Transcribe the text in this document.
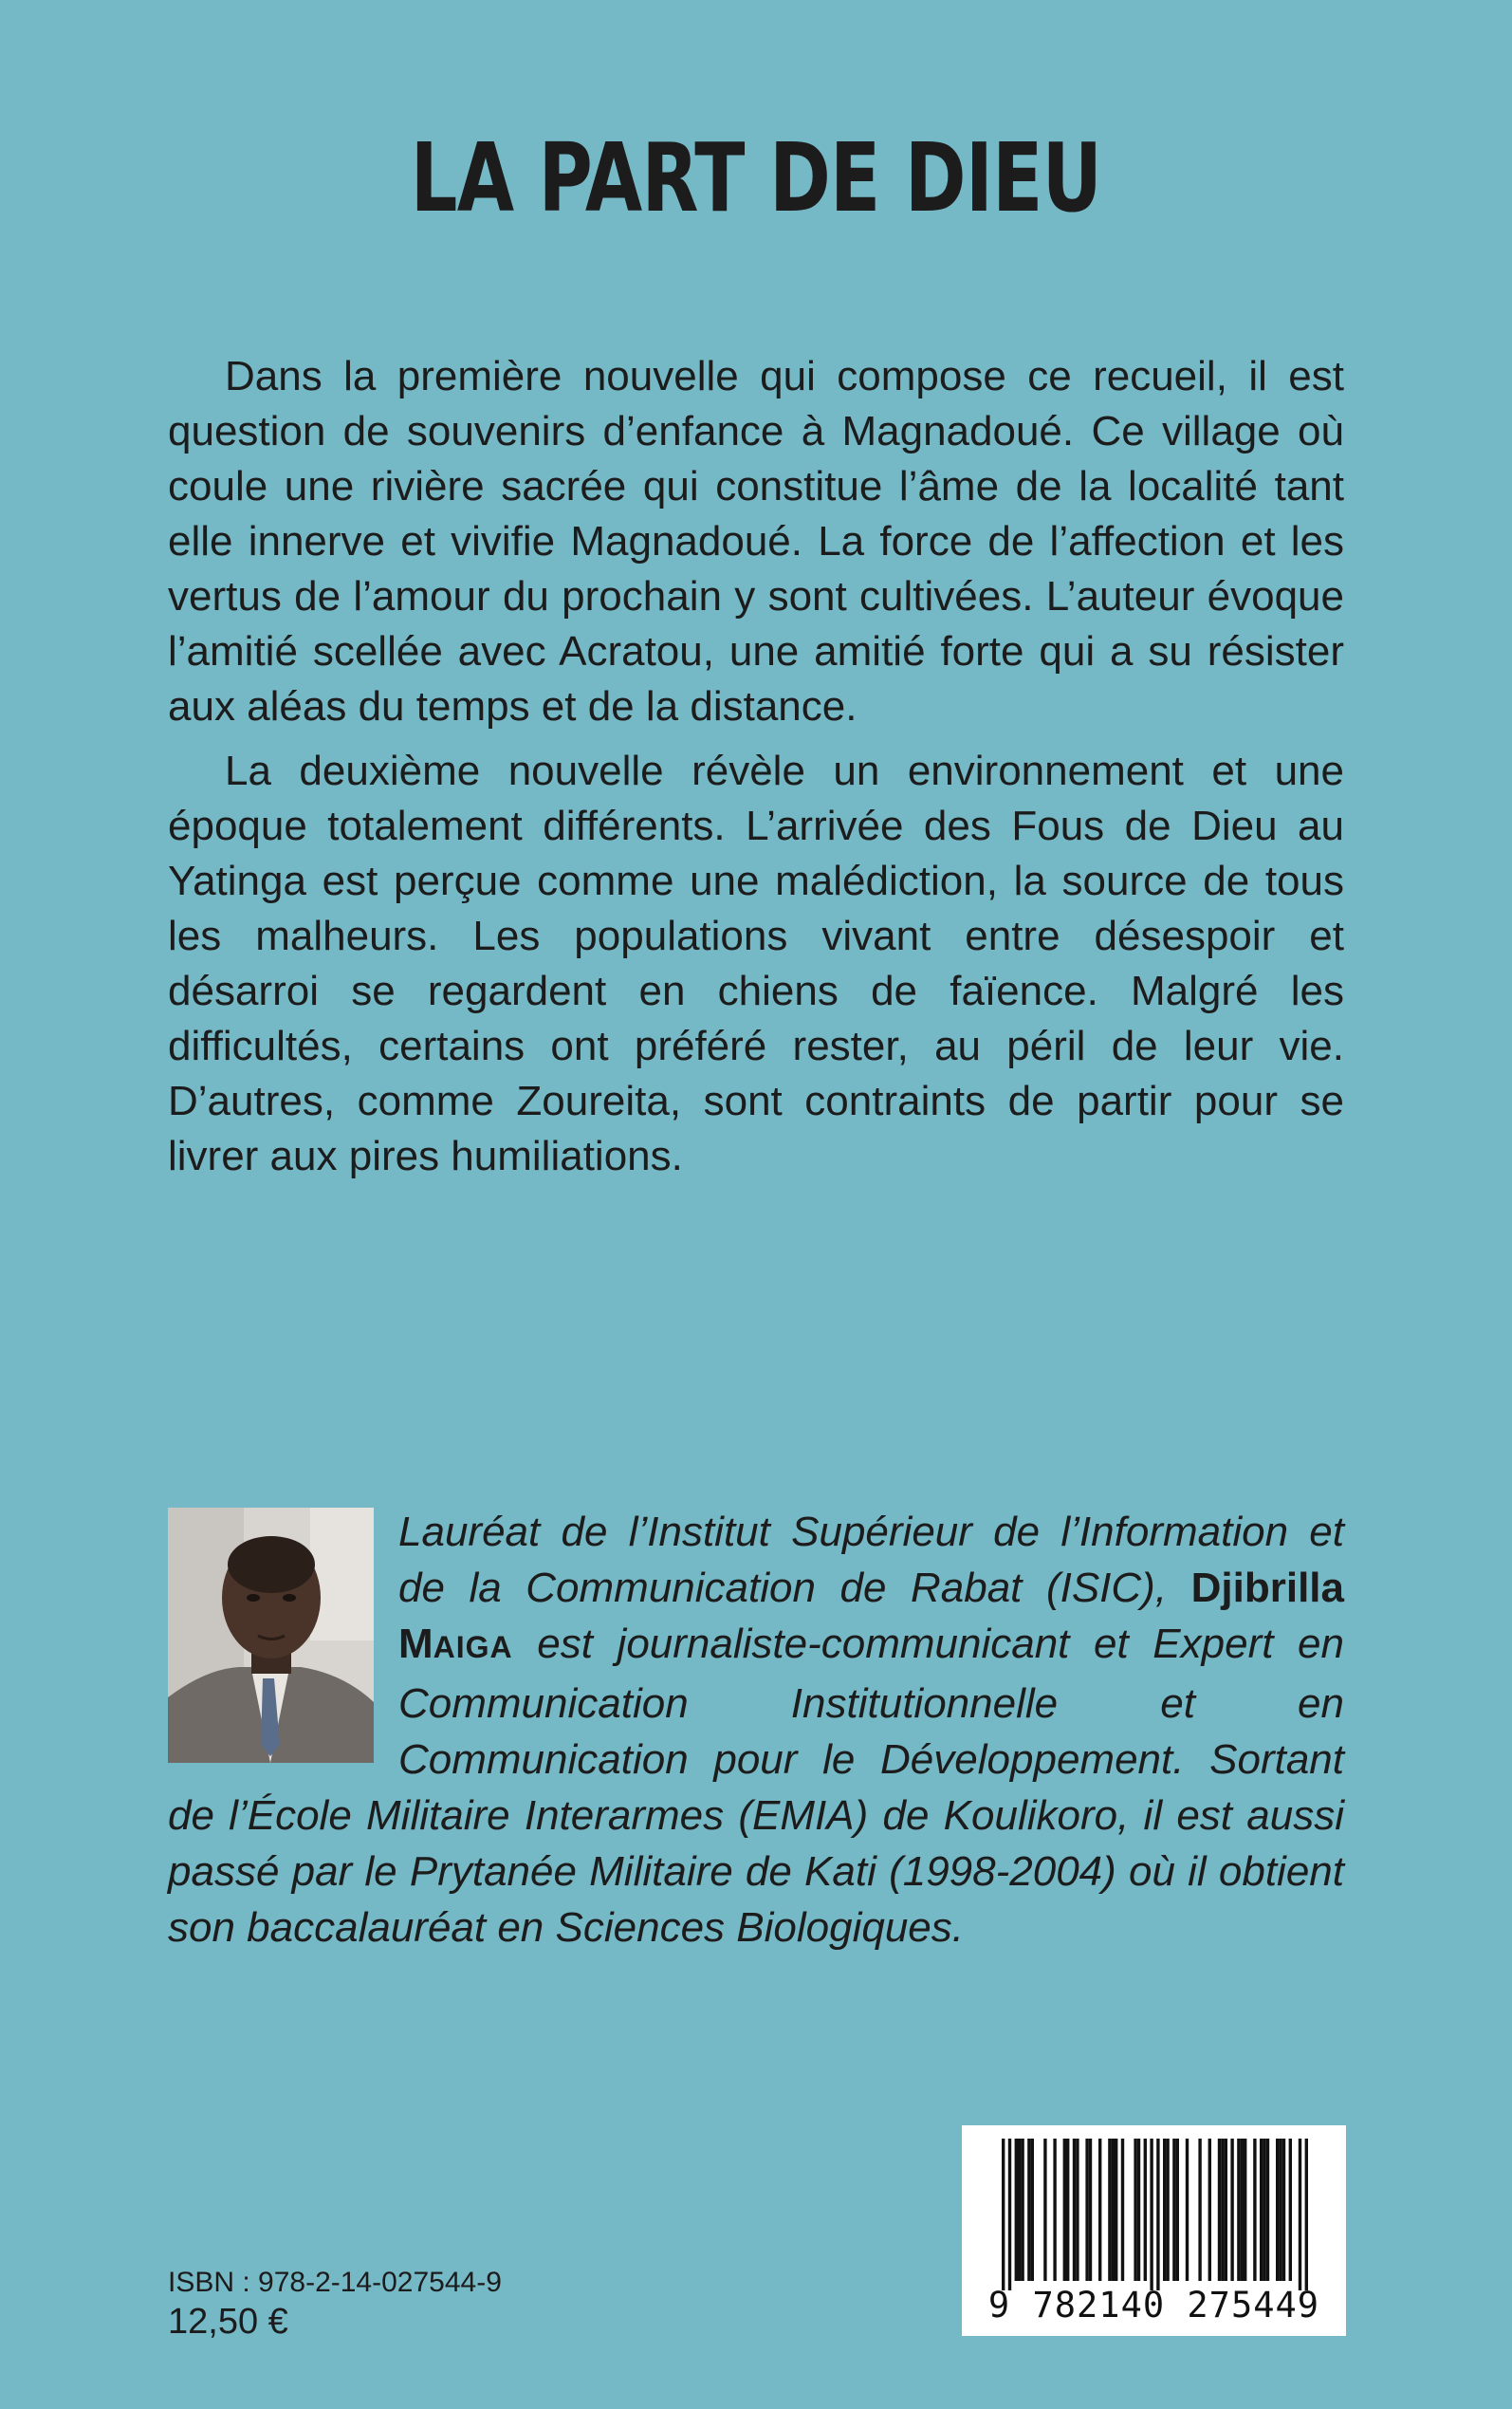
LA PART DE DIEU

Dans la première nouvelle qui compose ce recueil, il est question de souvenirs d’enfance à Magnadoué. Ce village où coule une rivière sacrée qui constitue l’âme de la localité tant elle innerve et vivifie Magnadoué. La force de l’affection et les vertus de l’amour du prochain y sont cultivées. L’auteur évoque l’amitié scellée avec Acratou, une amitié forte qui a su résister aux aléas du temps et de la distance.

La deuxième nouvelle révèle un environnement et une époque totalement différents. L’arrivée des Fous de Dieu au Yatinga est perçue comme une malédiction, la source de tous les malheurs. Les populations vivant entre désespoir et désarroi se regardent en chiens de faïence. Malgré les difficultés, certains ont préféré rester, au péril de leur vie. D’autres, comme Zoureita, sont contraints de partir pour se livrer aux pires humiliations.

Lauréat de l’Institut Supérieur de l’Information et de la Communication de Rabat (ISIC), Djibrilla MAIGA est journaliste-communicant et Expert en Communication Institutionnelle et en Communication pour le Développement. Sortant de l’École Militaire Interarmes (EMIA) de Koulikoro, il est aussi passé par le Prytanée Militaire de Kati (1998-2004) où il obtient son baccalauréat en Sciences Biologiques.
ISBN : 978-2-14-027544-9
12,50 €	9 782140 275449
